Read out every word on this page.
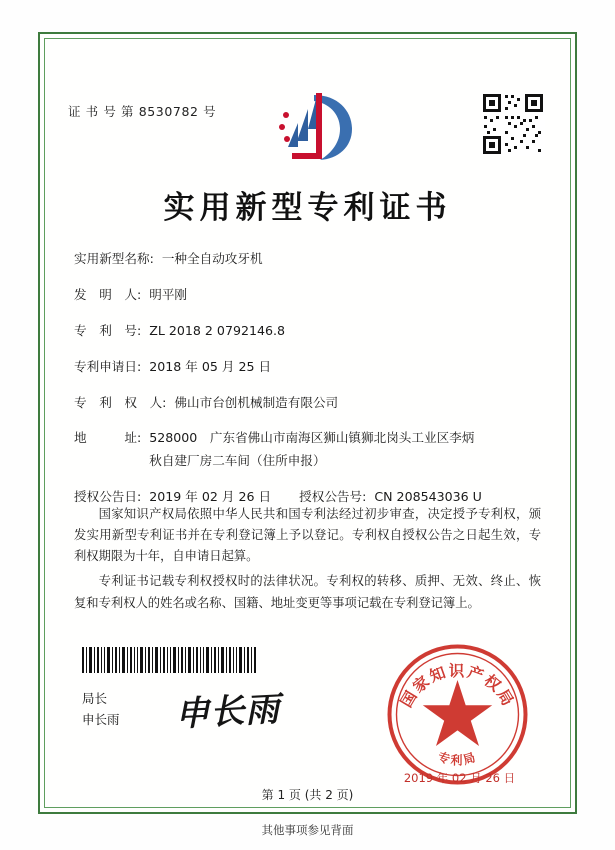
证 书 号 第 8530782 号
实用新型专利证书
实用新型名称: 一种全自动攻牙机
发　明　人: 明平刚
专　利　号: ZL 2018 2 0792146.8
专利申请日: 2018 年 05 月 25 日
专　利　权　人: 佛山市台创机械制造有限公司
地　　　址: 528000　广东省佛山市南海区狮山镇狮北岗头工业区李炳
秋自建厂房二车间（住所申报）
授权公告日: 2019 年 02 月 26 日 授权公告号: CN 208543036 U

国家知识产权局依照中华人民共和国专利法经过初步审查，决定授予专利权，颁发实用新型专利证书并在专利登记簿上予以登记。专利权自授权公告之日起生效，专利权期限为十年，自申请日起算。

专利证书记载专利权授权时的法律状况。专利权的转移、质押、无效、终止、恢复和专利权人的姓名或名称、国籍、地址变更等事项记载在专利登记簿上。

局长
申长雨 申长雨	国家知识产权局
专利局
2019 年 02 月 26 日
第 1 页 (共 2 页)
其他事项参见背面
